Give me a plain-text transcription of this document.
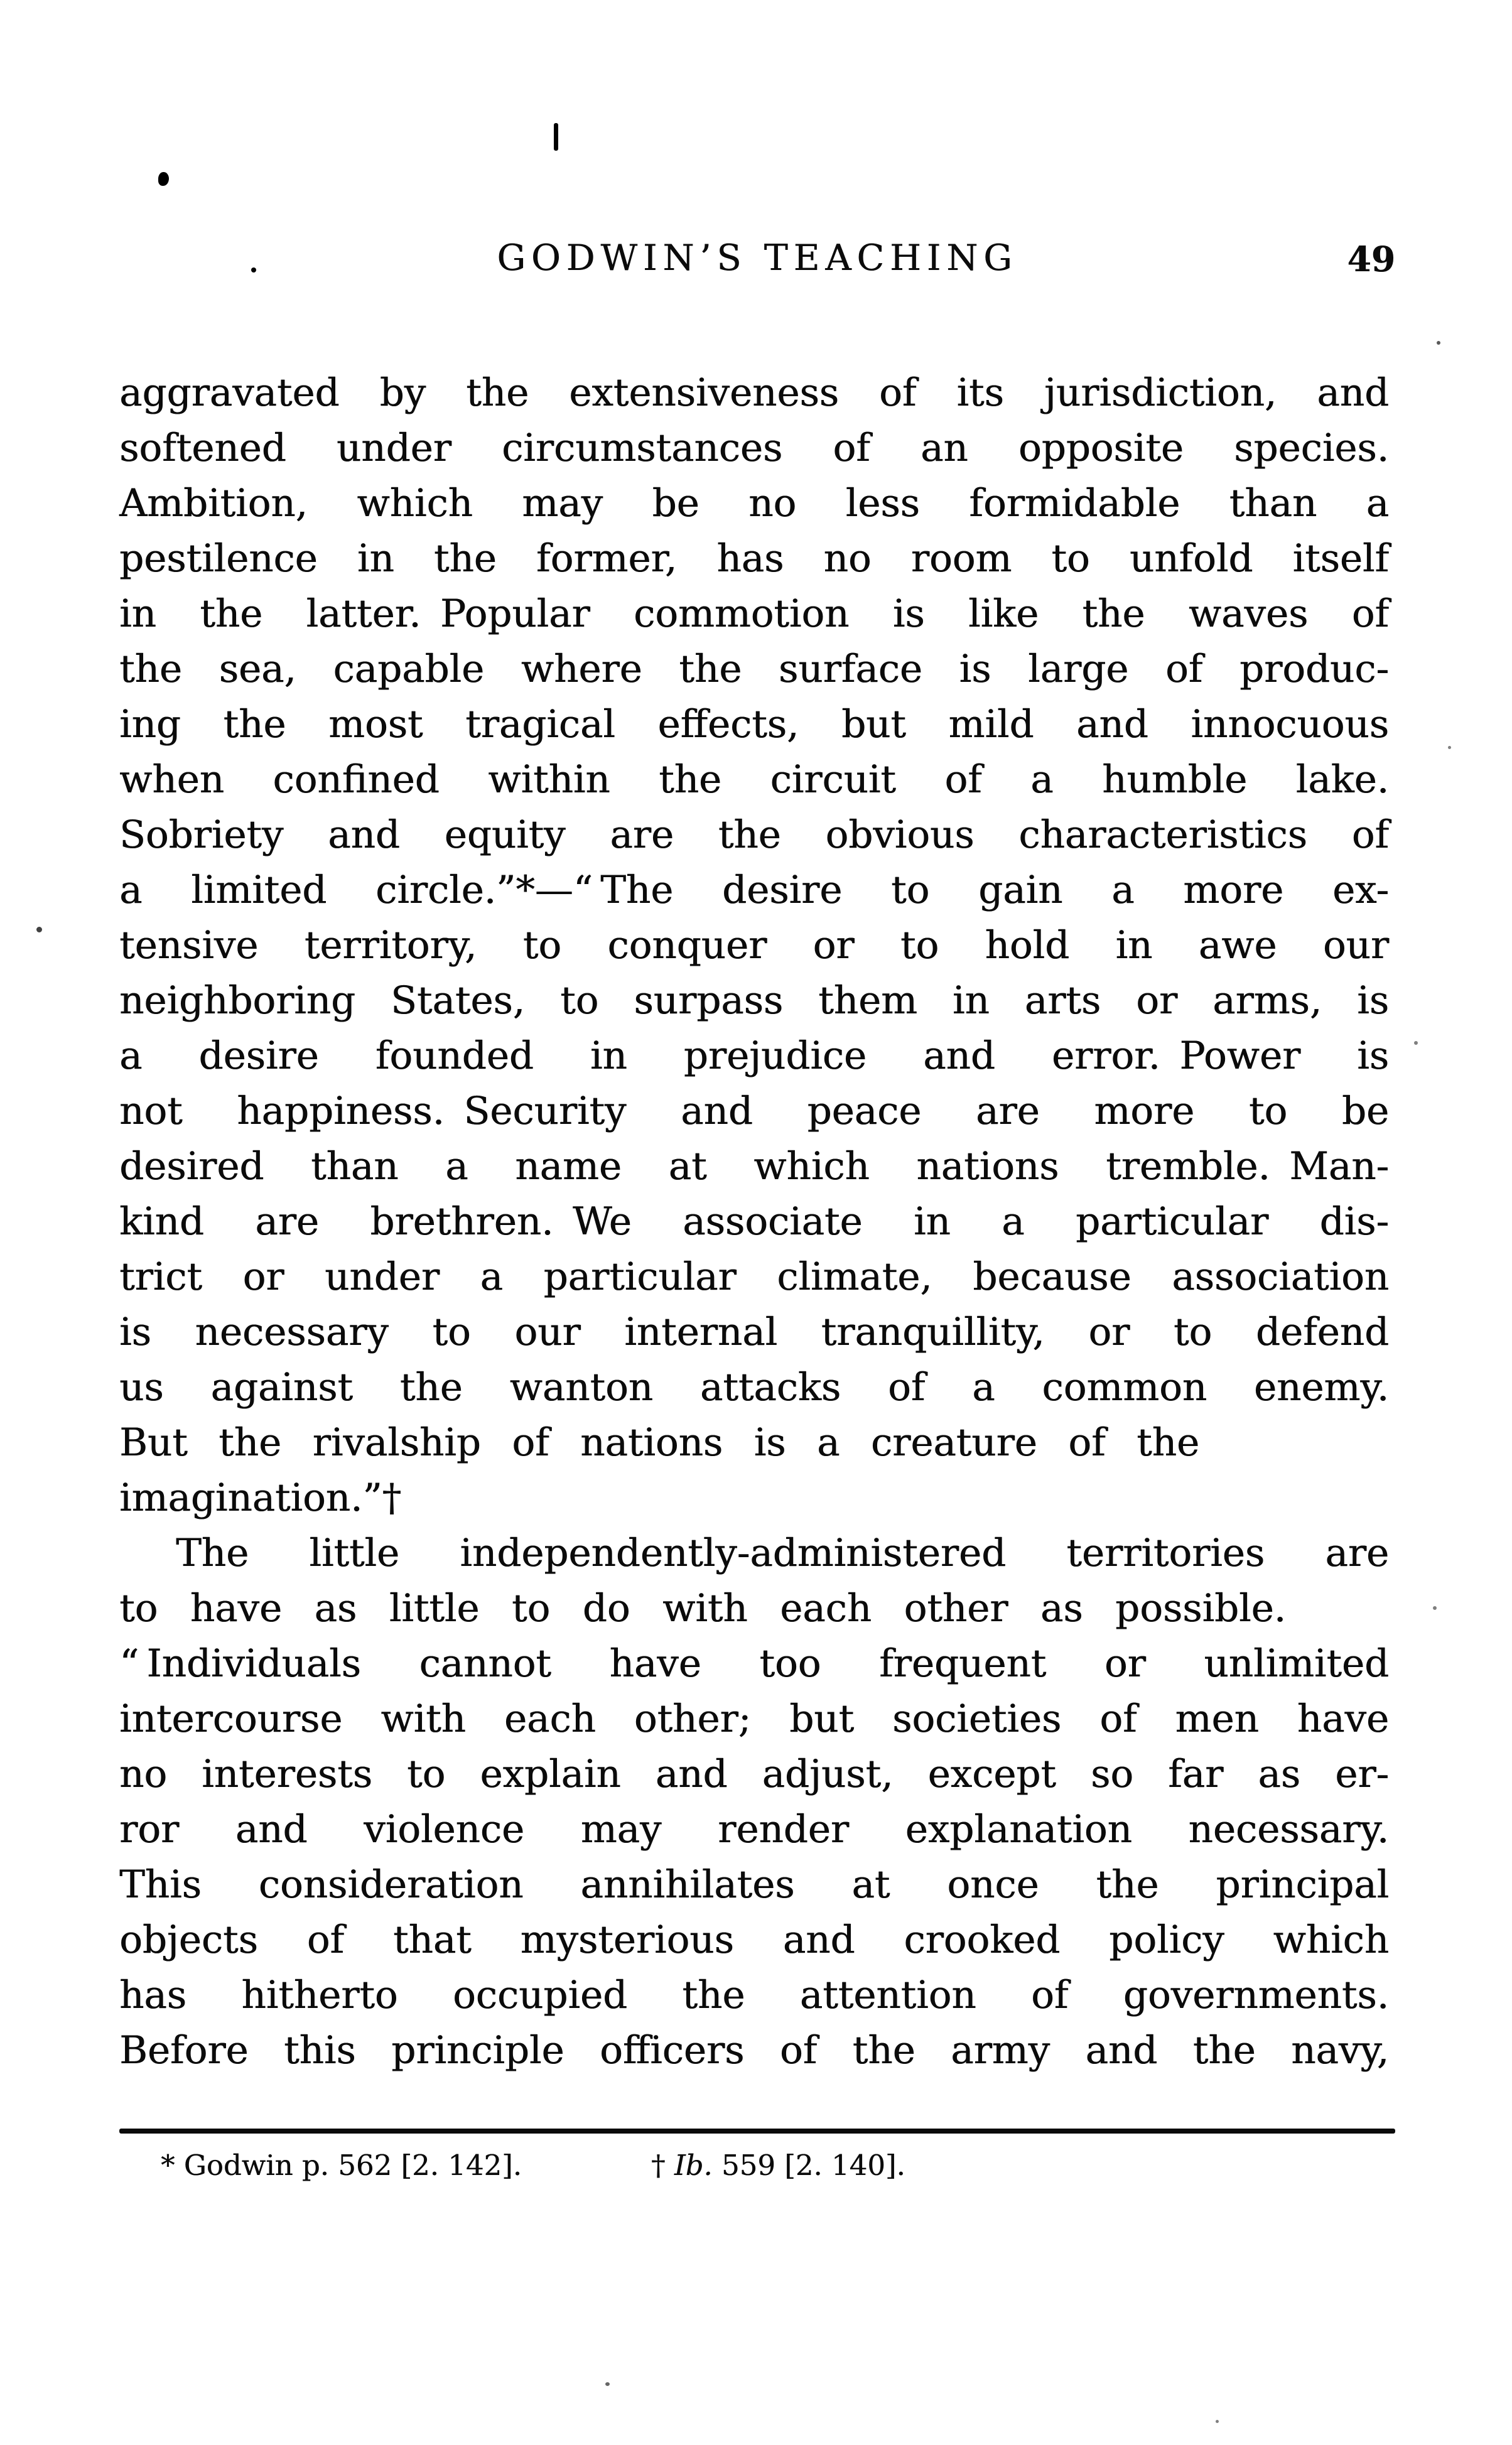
GODWIN’S TEACHING	49
aggravated by the extensiveness of its jurisdiction, and
softened under circumstances of an opposite species.
Ambition, which may be no less formidable than a
pestilence in the former, has no room to unfold itself
in the latter. Popular commotion is like the waves of
the sea, capable where the surface is large of produc-
ing the most tragical effects, but mild and innocuous
when confined within the circuit of a humble lake.
Sobriety and equity are the obvious characteristics of
a limited circle.”*—“ The desire to gain a more ex-
tensive territory, to conquer or to hold in awe our
neighboring States, to surpass them in arts or arms, is
a desire founded in prejudice and error. Power is
not happiness. Security and peace are more to be
desired than a name at which nations tremble. Man-
kind are brethren. We associate in a particular dis-
trict or under a particular climate, because association
is necessary to our internal tranquillity, or to defend
us against the wanton attacks of a common enemy.
But the rivalship of nations is a creature of the
imagination.”†
The little independently-administered territories are
to have as little to do with each other as possible.
“ Individuals cannot have too frequent or unlimited
intercourse with each other; but societies of men have
no interests to explain and adjust, except so far as er-
ror and violence may render explanation necessary.
This consideration annihilates at once the principal
objects of that mysterious and crooked policy which
has hitherto occupied the attention of governments.
Before this principle officers of the army and the navy,
* Godwin p. 562 [2. 142].	† Ib. 559 [2. 140].
